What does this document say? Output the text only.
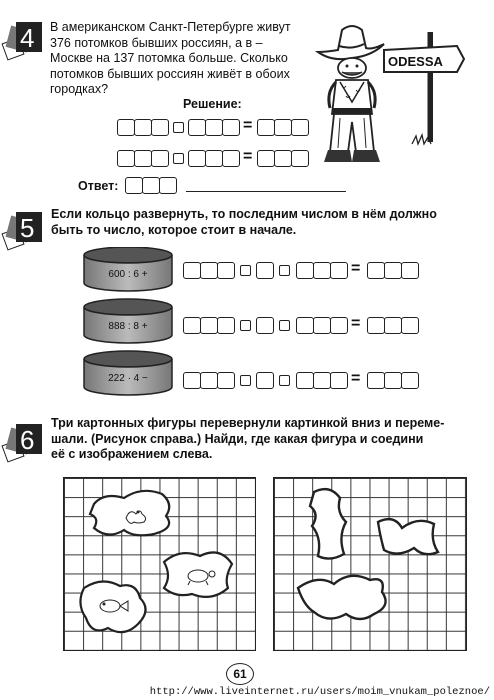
4 В американском Санкт-Петербурге живут
376 потомков бывших россиян, а в –
Москве на 137 потомка больше. Сколько
потомков бывших россиян живёт в обоих
городках?
Решение:
=
=
Ответ:
ODESSA
5 Если кольцо развернуть, то последним числом в нём должно
быть то число, которое стоит в начале.
600 : 6 +
888 : 8 +
222 · 4 −
=
=
=
6
Три картонных фигуры перевернули картинкой вниз и переме-
шали. (Рисунок справа.) Найди, где какая фигура и соедини
её с изображением слева.
61
http://www.liveinternet.ru/users/moim_vnukam_poleznoe/
